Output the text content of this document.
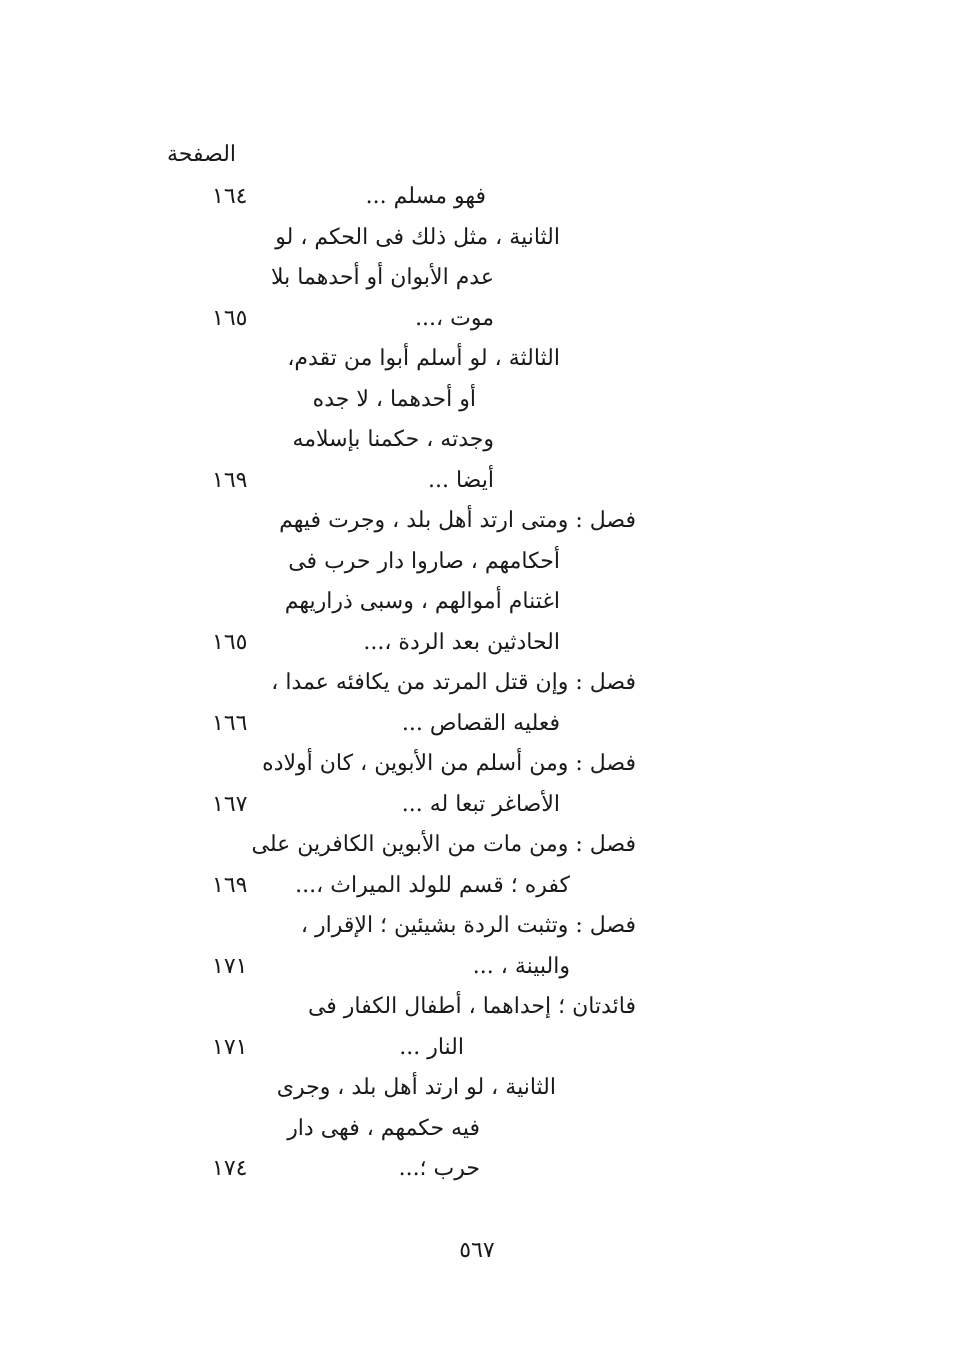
الصفحة
فهو مسلم ...
الثانية ، مثل ذلك فى الحكم ، لو
عدم الأبوان أو أحدهما بلا
موت ،...
الثالثة ، لو أسلم أبوا من تقدم،
أو أحدهما ، لا جده
وجدته ، حكمنا بإسلامه
أيضا ...
فصل : ومتى ارتد أهل بلد ، وجرت فيهم
أحكامهم ، صاروا دار حرب فى
اغتنام أموالهم ، وسبى ذراريهم
الحادثين بعد الردة ،...
فصل : وإن قتل المرتد من يكافئه عمدا ،
فعليه القصاص ...
فصل : ومن أسلم من الأبوين ، كان أولاده
الأصاغر تبعا له ...
فصل : ومن مات من الأبوين الكافرين على
كفره ؛ قسم للولد الميراث ،...
فصل : وتثبت الردة بشيئين ؛ الإقرار ،
والبينة ، ...
فائدتان ؛ إحداهما ، أطفال الكفار فى
النار ...
الثانية ، لو ارتد أهل بلد ، وجرى
فيه حكمهم ، فهى دار
حرب ؛...
١٦٤
١٦٥
١٦٩
١٦٥
١٦٦
١٦٧
١٦٩
١٧١
١٧١
١٧٤
٥٦٧
